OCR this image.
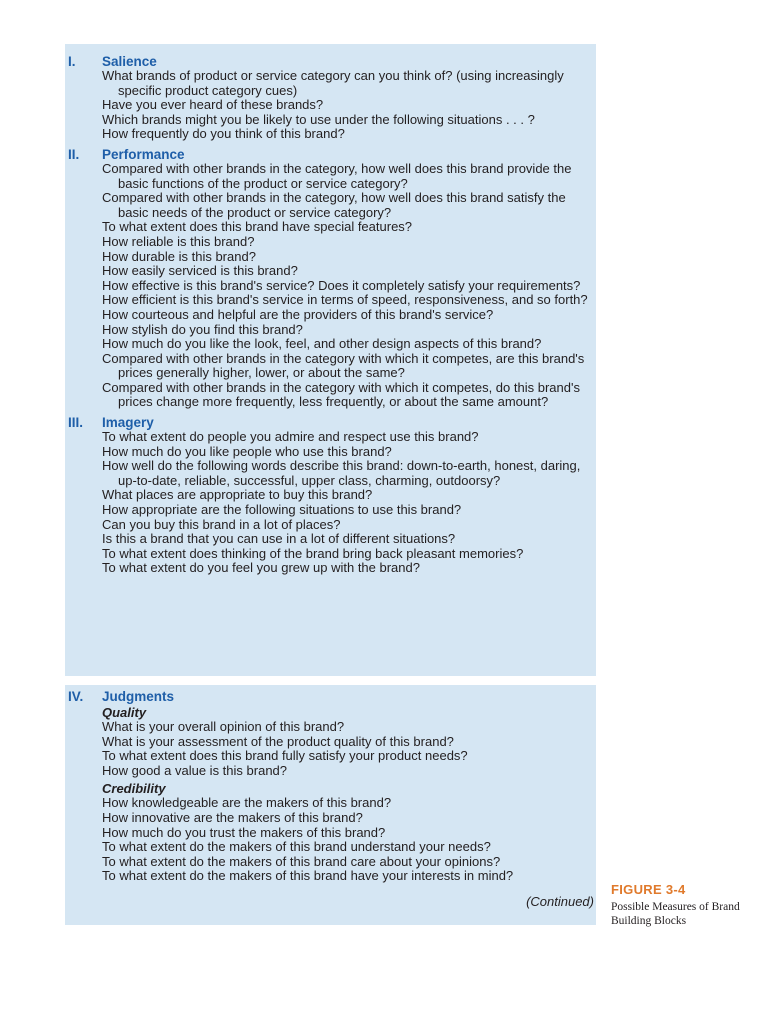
I. Salience

What brands of product or service category can you think of? (using increasingly specific product category cues)

Have you ever heard of these brands?

Which brands might you be likely to use under the following situations . . . ?

How frequently do you think of this brand?

II. Performance

Compared with other brands in the category, how well does this brand provide the basic functions of the product or service category?

Compared with other brands in the category, how well does this brand satisfy the basic needs of the product or service category?

To what extent does this brand have special features?

How reliable is this brand?

How durable is this brand?

How easily serviced is this brand?

How effective is this brand's service? Does it completely satisfy your requirements?

How efficient is this brand's service in terms of speed, responsiveness, and so forth?

How courteous and helpful are the providers of this brand's service?

How stylish do you find this brand?

How much do you like the look, feel, and other design aspects of this brand?

Compared with other brands in the category with which it competes, are this brand's prices generally higher, lower, or about the same?

Compared with other brands in the category with which it competes, do this brand's prices change more frequently, less frequently, or about the same amount?

III. Imagery

To what extent do people you admire and respect use this brand?

How much do you like people who use this brand?

How well do the following words describe this brand: down-to-earth, honest, daring, up-to-date, reliable, successful, upper class, charming, outdoorsy?

What places are appropriate to buy this brand?

How appropriate are the following situations to use this brand?

Can you buy this brand in a lot of places?

Is this a brand that you can use in a lot of different situations?

To what extent does thinking of the brand bring back pleasant memories?

To what extent do you feel you grew up with the brand?

IV. Judgments
Quality

What is your overall opinion of this brand?

What is your assessment of the product quality of this brand?

To what extent does this brand fully satisfy your product needs?

How good a value is this brand?

Credibility

How knowledgeable are the makers of this brand?

How innovative are the makers of this brand?

How much do you trust the makers of this brand?

To what extent do the makers of this brand understand your needs?

To what extent do the makers of this brand care about your opinions?

To what extent do the makers of this brand have your interests in mind?

(Continued)
FIGURE 3-4
Possible Measures of Brand Building Blocks
